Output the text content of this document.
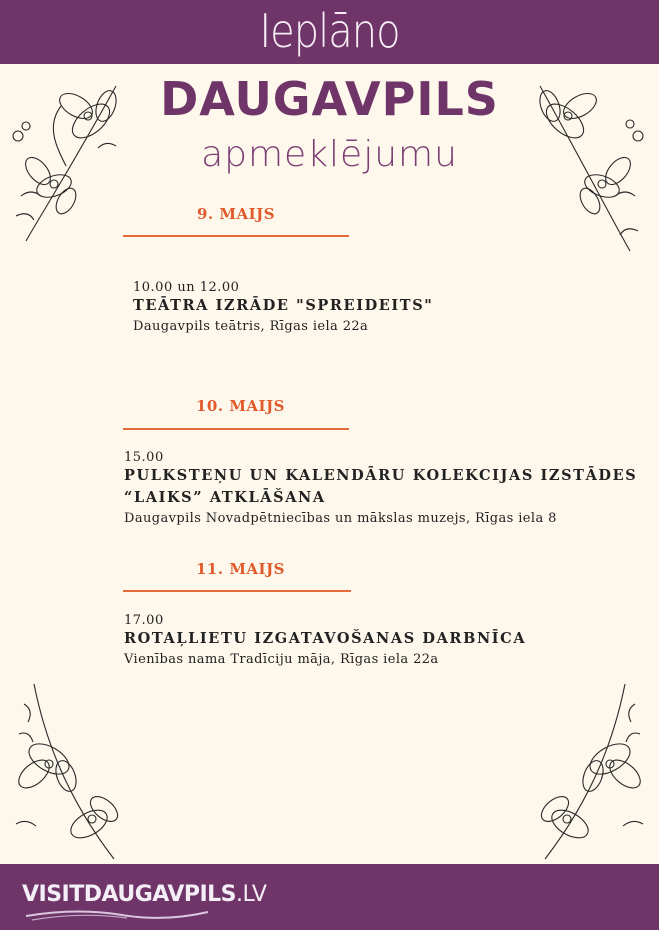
Ieplāno
DAUGAVPILS
apmeklējumu
9. MAIJS
10.00 un 12.00
TEĀTRA IZRĀDE "SPREIDEITS"
Daugavpils teātris, Rīgas iela 22a
10. MAIJS
15.00
PULKSTEŅU UN KALENDĀRU KOLEKCIJAS IZSTĀDES
“LAIKS” ATKLĀŠANA
Daugavpils Novadpētniecības un mākslas muzejs, Rīgas iela 8
11. MAIJS
17.00
ROTAĻLIETU IZGATAVOŠANAS DARBNĪCA
Vienības nama Tradīciju māja, Rīgas iela 22a
VISITDAUGAVPILS.LV
